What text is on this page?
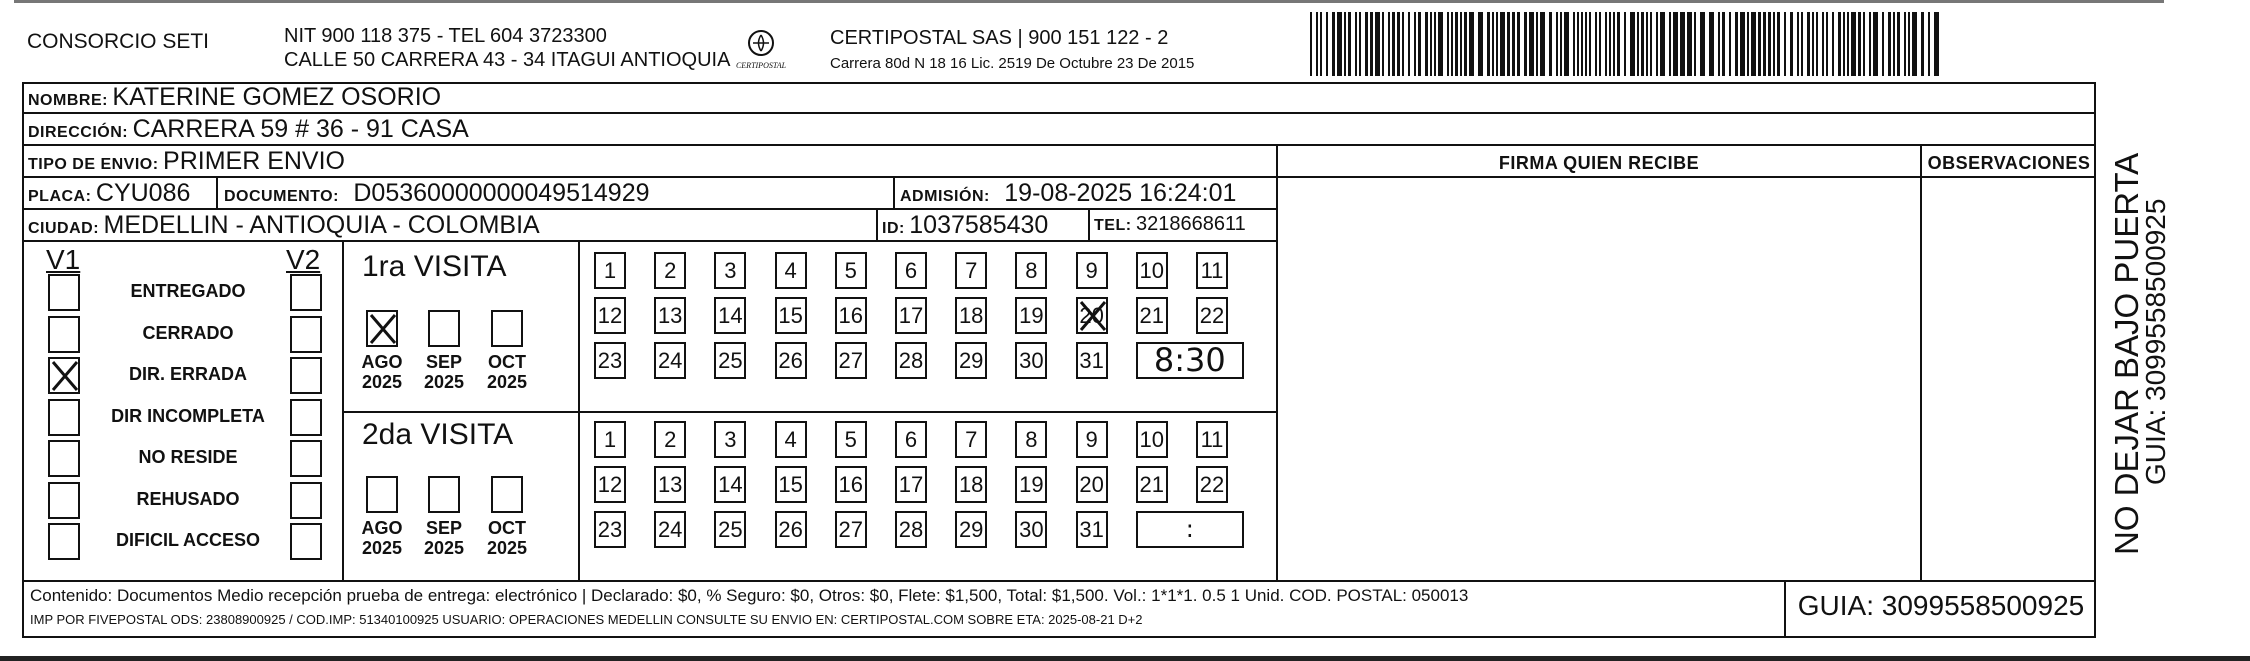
CONSORCIO SETI	NIT 900 118 375 - TEL 604 3723300
CALLE 50 CARRERA 43 - 34 ITAGUI ANTIOQUIA CERTIPOSTAL
CERTIPOSTAL SAS | 900 151 122 - 2
Carrera 80d N 18 16 Lic. 2519 De Octubre 23 De 2015
NOMBRE: KATERINE GOMEZ OSORIO
DIRECCIÓN: CARRERA 59 # 36 - 91 CASA
TIPO DE ENVIO: PRIMER ENVIO
PLACA: CYU086 DOCUMENTO: D05360000000049514929	ADMISIÓN: 19-08-2025 16:24:01
CIUDAD: MEDELLIN - ANTIOQUIA - COLOMBIA	ID: 1037585430	TEL: 3218668611
FIRMA QUIEN RECIBE	OBSERVACIONES
V1	V2
ENTREGADO
CERRADO
DIR. ERRADA
DIR INCOMPLETA
NO RESIDE
REHUSADO
DIFICIL ACCESO
1ra VISITA
AGO
2025
SEP
2025
OCT
2025
1	2	3	4	5	6	7	8	9	10 11
12 13 14 15 16 17 18 19 20 21 22
23 24 25 26 27 28 29 30 31	8:30
2da VISITA
AGO
2025
SEP
2025
OCT
2025
1	2	3	4	5	6	7	8	9	10 11
12 13 14 15 16 17 18 19 20 21 22
23 24 25 26 27 28 29 30 31	:
Contenido: Documentos Medio recepción prueba de entrega: electrónico | Declarado: $0, % Seguro: $0, Otros: $0, Flete: $1,500, Total: $1,500. Vol.: 1*1*1. 0.5 1 Unid. COD. POSTAL: 050013
IMP POR FIVEPOSTAL ODS: 23808900925 / COD.IMP: 51340100925 USUARIO: OPERACIONES MEDELLIN CONSULTE SU ENVIO EN: CERTIPOSTAL.COM SOBRE ETA: 2025-08-21 D+2	GUIA: 3099558500925
NO DEJAR BAJO PUERTA
GUIA: 3099558500925
